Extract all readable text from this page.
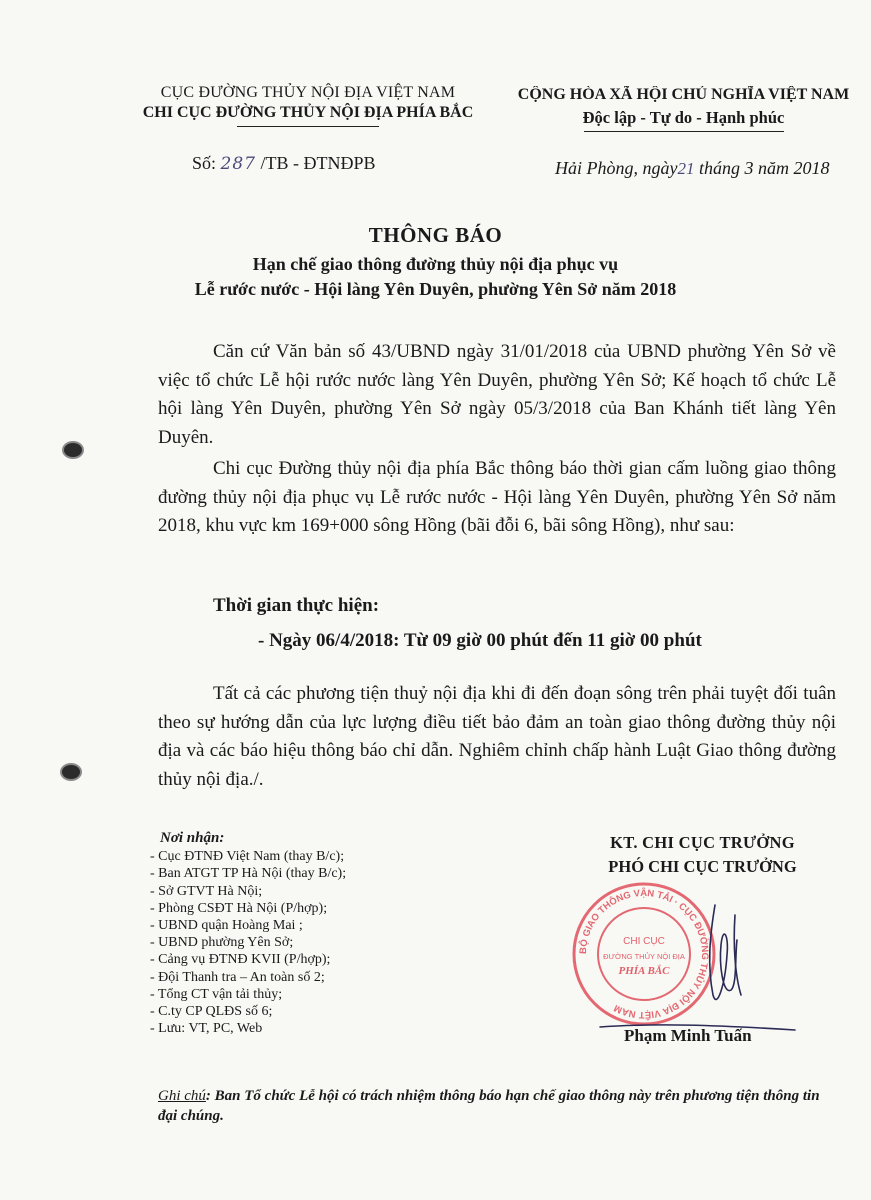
CỤC ĐƯỜNG THỦY NỘI ĐỊA VIỆT NAM
CHI CỤC ĐƯỜNG THỦY NỘI ĐỊA PHÍA BẮC
CỘNG HÒA XÃ HỘI CHỦ NGHĨA VIỆT NAM
Độc lập - Tự do - Hạnh phúc
Số: 287 /TB - ĐTNĐPB	Hải Phòng, ngày21 tháng 3 năm 2018
THÔNG BÁO
Hạn chế giao thông đường thủy nội địa phục vụ
Lễ rước nước - Hội làng Yên Duyên, phường Yên Sở năm 2018
Căn cứ Văn bản số 43/UBND ngày 31/01/2018 của UBND phường Yên Sở về việc tổ chức Lễ hội rước nước làng Yên Duyên, phường Yên Sở; Kế hoạch tổ chức Lễ hội làng Yên Duyên, phường Yên Sở ngày 05/3/2018 của Ban Khánh tiết làng Yên Duyên.
Chi cục Đường thủy nội địa phía Bắc thông báo thời gian cấm luồng giao thông đường thủy nội địa phục vụ Lễ rước nước - Hội làng Yên Duyên, phường Yên Sở năm 2018, khu vực km 169+000 sông Hồng (bãi đỗi 6, bãi sông Hồng), như sau:
Thời gian thực hiện:
- Ngày 06/4/2018: Từ 09 giờ 00 phút đến 11 giờ 00 phút
Tất cả các phương tiện thuỷ nội địa khi đi đến đoạn sông trên phải tuyệt đối tuân theo sự hướng dẫn của lực lượng điều tiết bảo đảm an toàn giao thông đường thủy nội địa và các báo hiệu thông báo chỉ dẫn. Nghiêm chỉnh chấp hành Luật Giao thông đường thủy nội địa./.
Nơi nhận:
- Cục ĐTNĐ Việt Nam (thay B/c);
- Ban ATGT TP Hà Nội (thay B/c);
- Sở GTVT Hà Nội;
- Phòng CSĐT Hà Nội (P/hợp);
- UBND quận Hoàng Mai ;
- UBND phường Yên Sở;
- Cảng vụ ĐTNĐ KVII (P/hợp);
- Đội Thanh tra – An toàn số 2;
- Tổng CT vận tải thủy;
- C.ty CP QLĐS số 6;
- Lưu: VT, PC, Web
KT. CHI CỤC TRƯỞNG
PHÓ CHI CỤC TRƯỞNG
BỘ GIAO THÔNG VẬN TẢI · CỤC ĐƯỜNG THỦY NỘI ĐỊA VIỆT NAM
CHI CỤC
ĐƯỜNG THỦY NỘI ĐỊA
PHÍA BẮC
Phạm Minh Tuấn
Ghi chú: Ban Tổ chức Lễ hội có trách nhiệm thông báo hạn chế giao thông này trên phương tiện thông tin đại chúng.
